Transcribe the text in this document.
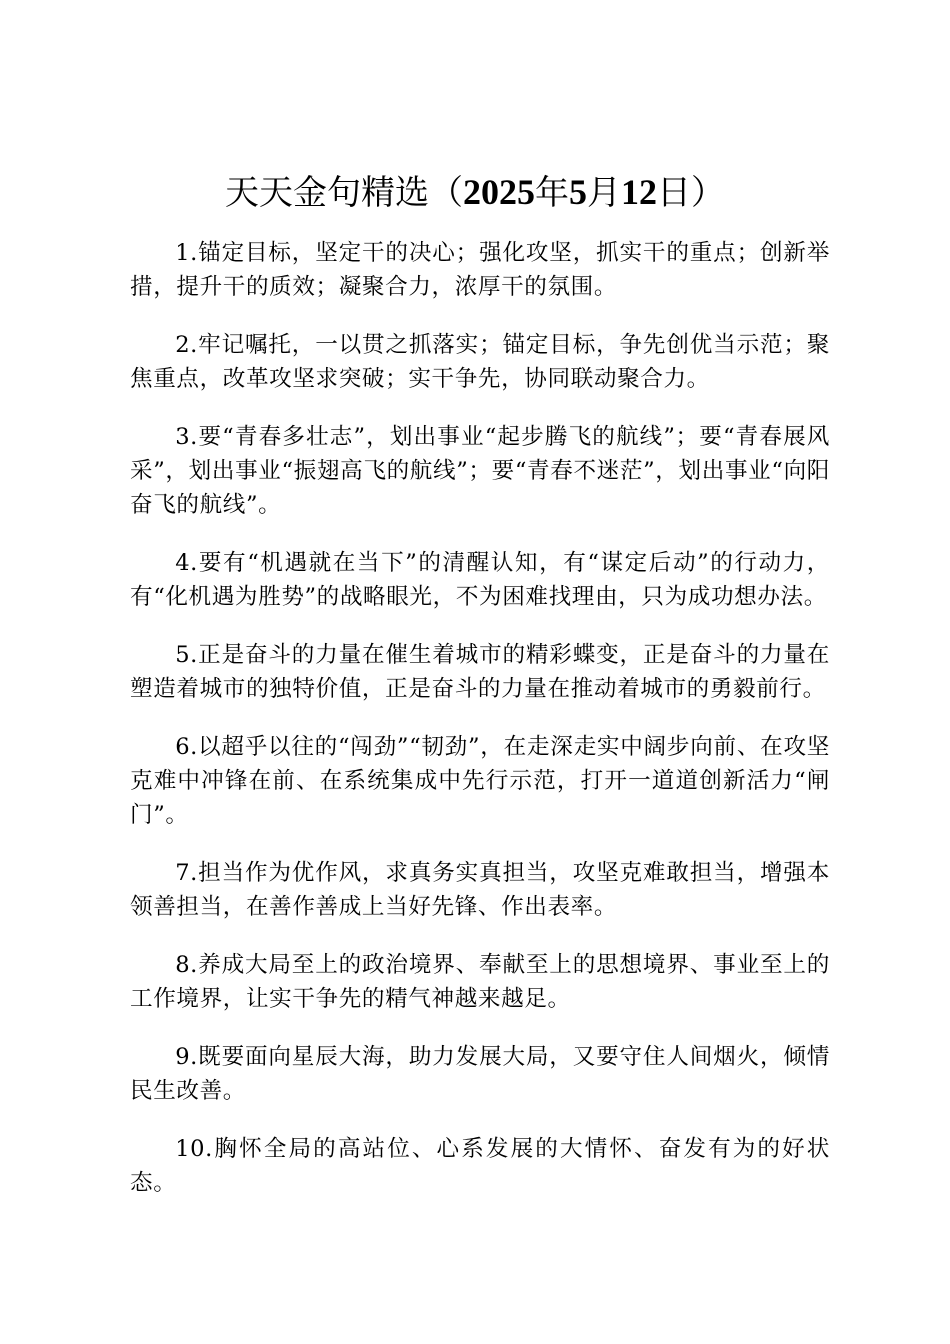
天天金句精选（2025年5月12日）

1.锚定目标，坚定干的决心；强化攻坚，抓实干的重点；创新举措，提升干的质效；凝聚合力，浓厚干的氛围。

2.牢记嘱托，一以贯之抓落实；锚定目标，争先创优当示范；聚焦重点，改革攻坚求突破；实干争先，协同联动聚合力。

3.要“青春多壮志”，划出事业“起步腾飞的航线”；要“青春展风采”，划出事业“振翅高飞的航线”；要“青春不迷茫”，划出事业“向阳奋飞的航线”。

4.要有“机遇就在当下”的清醒认知，有“谋定后动”的行动力，有“化机遇为胜势”的战略眼光，不为困难找理由，只为成功想办法。

5.正是奋斗的力量在催生着城市的精彩蝶变，正是奋斗的力量在塑造着城市的独特价值，正是奋斗的力量在推动着城市的勇毅前行。

6.以超乎以往的“闯劲”“韧劲”，在走深走实中阔步向前、在攻坚克难中冲锋在前、在系统集成中先行示范，打开一道道创新活力“闸门”。

7.担当作为优作风，求真务实真担当，攻坚克难敢担当，增强本领善担当，在善作善成上当好先锋、作出表率。

8.养成大局至上的政治境界、奉献至上的思想境界、事业至上的工作境界，让实干争先的精气神越来越足。

9.既要面向星辰大海，助力发展大局，又要守住人间烟火，倾情民生改善。

10.胸怀全局的高站位、心系发展的大情怀、奋发有为的好状态。
